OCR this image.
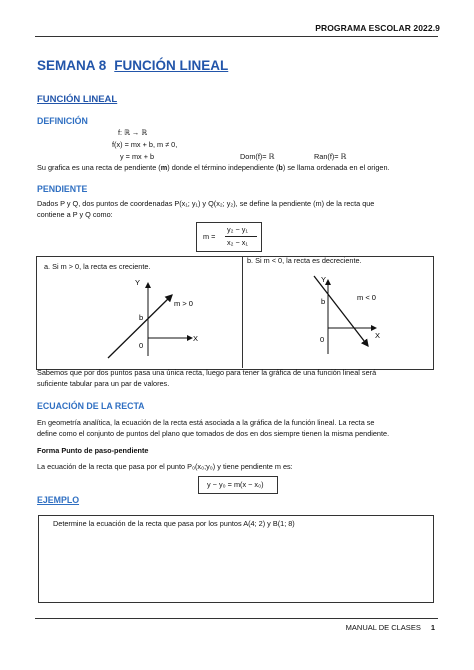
PROGRAMA ESCOLAR 2022.9
SEMANA 8 FUNCIÓN LINEAL
FUNCIÓN LINEAL
DEFINICIÓN
f: ℝ → ℝ
f(x) = mx + b, m ≠ 0,
y = mx + b	Dom(f)= ℝ	Ran(f)= ℝ
Su grafica es una recta de pendiente (m) donde el término independiente (b) se llama ordenada en el origen.
PENDIENTE
Dados P y Q, dos puntos de coordenadas P(x₁; y₁) y Q(x₂; y₂), se define la pendiente (m) de la recta que
contiene a P y Q como:
m =
y₂ − y₁
x₂ − x₁
a. Si m > 0, la recta es creciente.
b. Si m < 0, la recta es decreciente.
Y
X
b
0
m > 0
Y
X
b
0
m < 0
Sabemos que por dos puntos pasa una única recta, luego para tener la gráfica de una función lineal será
suficiente tabular para un par de valores.
ECUACIÓN DE LA RECTA
En geometría analítica, la ecuación de la recta está asociada a la gráfica de la función lineal. La recta se
define como el conjunto de puntos del plano que tomados de dos en dos siempre tienen la misma pendiente.
Forma Punto de paso-pendiente
La ecuación de la recta que pasa por el punto P₀(x₀;y₀) y tiene pendiente m es:
y − y₀ = m(x − x₀)
EJEMPLO
Determine la ecuación de la recta que pasa por los puntos A(4; 2) y B(1; 8)
MANUAL DE CLASES 1
